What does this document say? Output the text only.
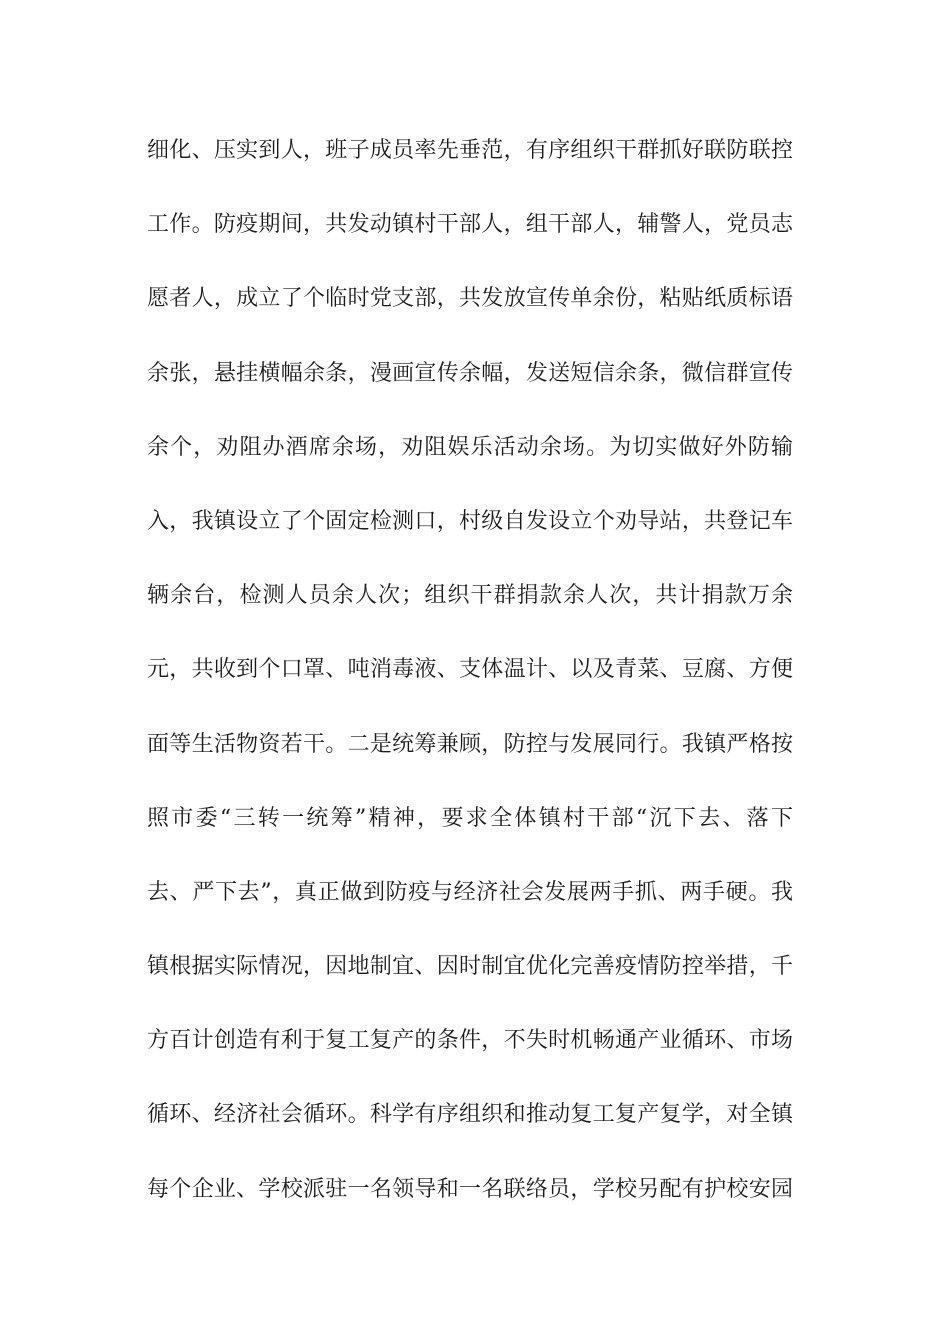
细化、压实到人，班子成员率先垂范，有序组织干群抓好联防联控
工作。防疫期间，共发动镇村干部人，组干部人，辅警人，党员志
愿者人，成立了个临时党支部，共发放宣传单余份，粘贴纸质标语
余张，悬挂横幅余条，漫画宣传余幅，发送短信余条，微信群宣传
余个，劝阻办酒席余场，劝阻娱乐活动余场。为切实做好外防输
入，我镇设立了个固定检测口，村级自发设立个劝导站，共登记车
辆余台，检测人员余人次；组织干群捐款余人次，共计捐款万余
元，共收到个口罩、吨消毒液、支体温计、以及青菜、豆腐、方便
面等生活物资若干。二是统筹兼顾，防控与发展同行。我镇严格按
照市委“三转一统筹”精神，要求全体镇村干部“沉下去、落下
去、严下去”，真正做到防疫与经济社会发展两手抓、两手硬。我
镇根据实际情况，因地制宜、因时制宜优化完善疫情防控举措，千
方百计创造有利于复工复产的条件，不失时机畅通产业循环、市场
循环、经济社会循环。科学有序组织和推动复工复产复学，对全镇
每个企业、学校派驻一名领导和一名联络员，学校另配有护校安园
